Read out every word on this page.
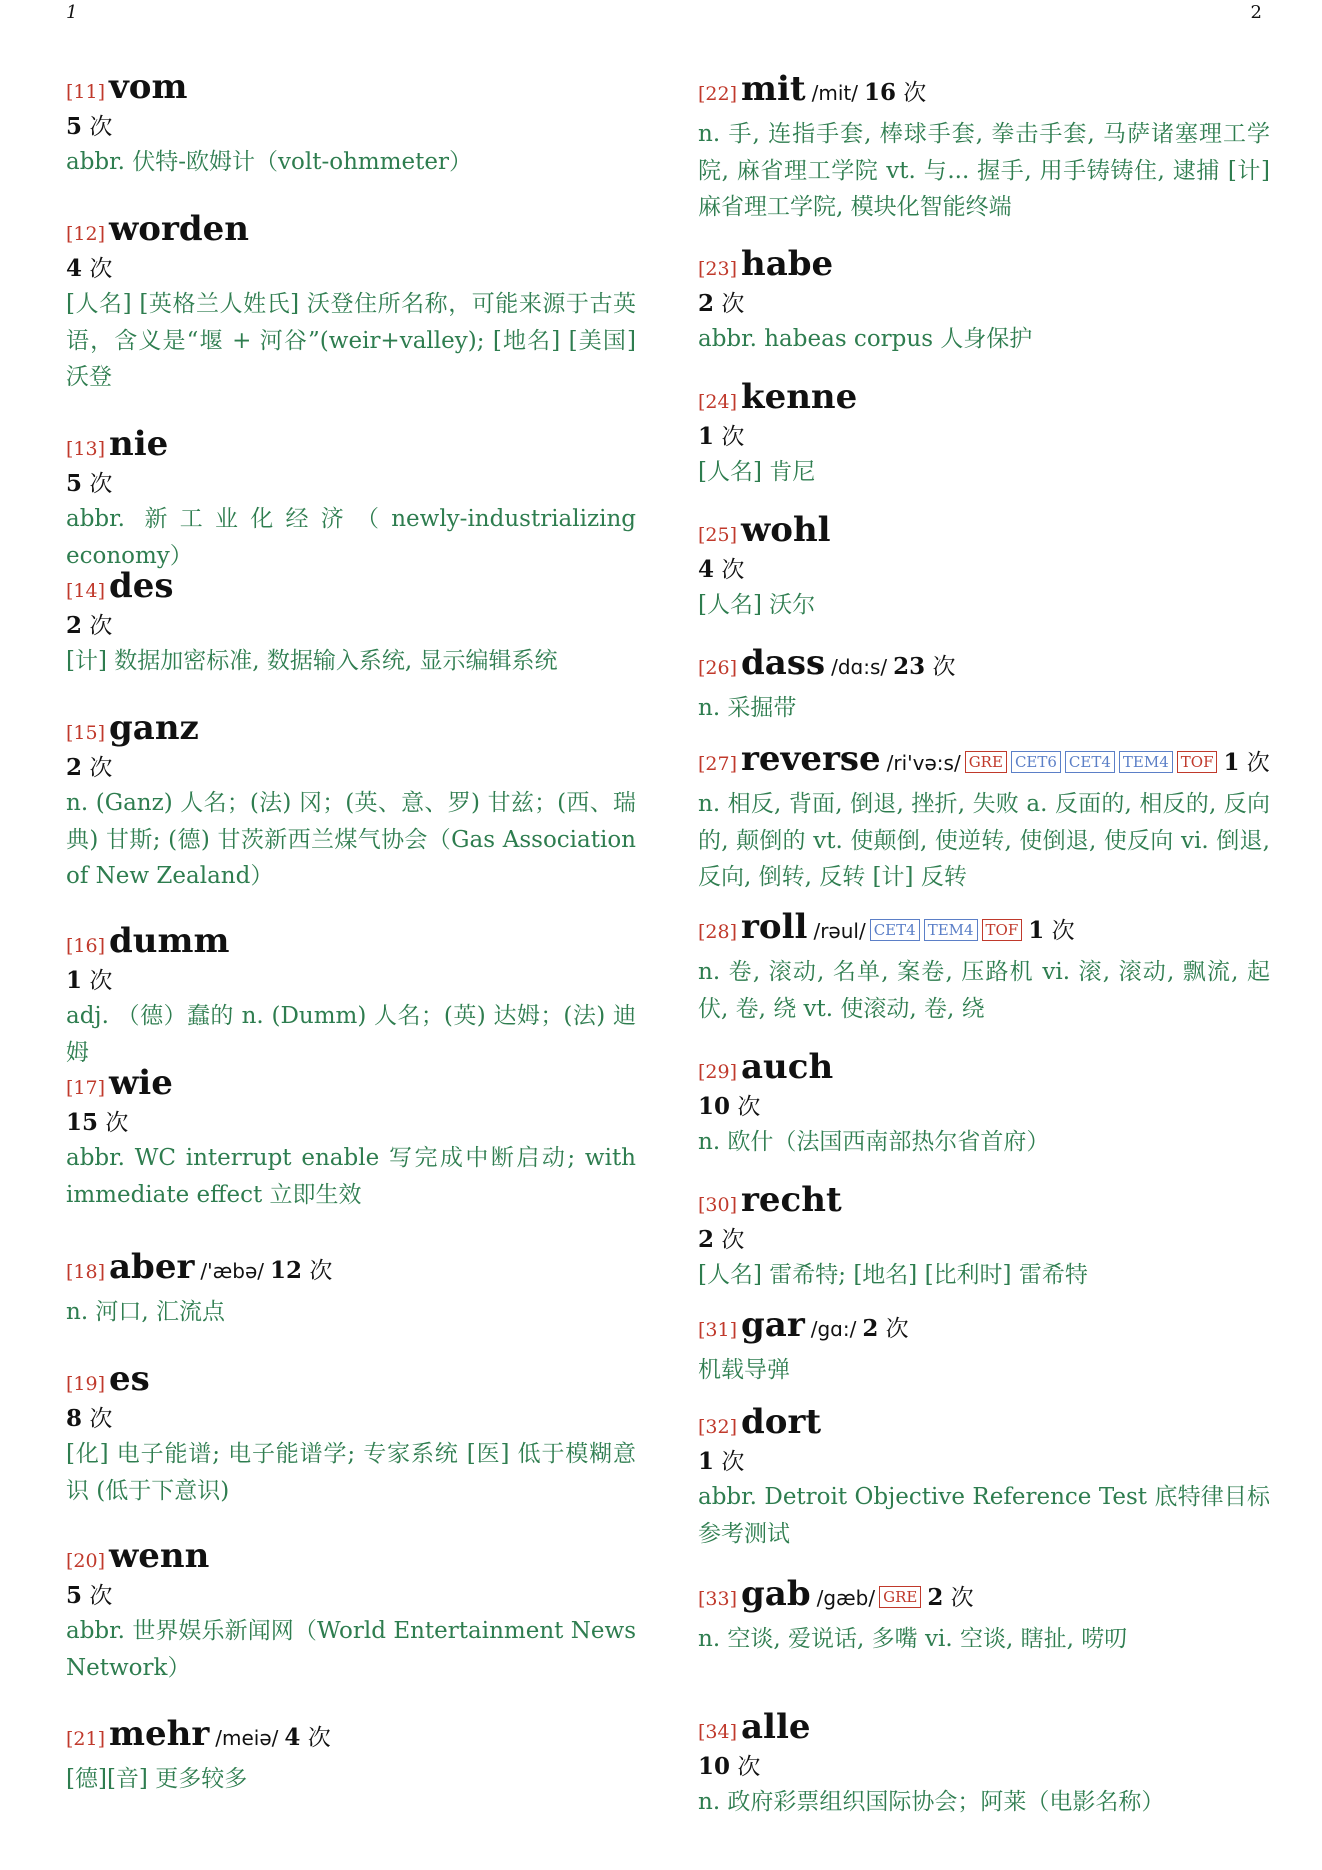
1	2
[11] vom
5 次
abbr. 伏特-欧姆计（volt-ohmmeter）
[12] worden
4 次
[人名] [英格兰人姓氏] 沃登住所名称，可能来源于古英语，含义是“堰 + 河谷”(weir+valley); [地名] [美国] 沃登
[13] nie
5 次
abbr. 新工业化经济（newly-industrializing economy）
[14] des
2 次
[计] 数据加密标准, 数据输入系统, 显示编辑系统
[15] ganz
2 次
n. (Ganz) 人名；(法) 冈；(英、意、罗) 甘兹；(西、瑞典) 甘斯; (德) 甘茨新西兰煤气协会（Gas Association of New Zealand）
[16] dumm
1 次
adj. （德）蠢的 n. (Dumm) 人名；(英) 达姆；(法) 迪姆
[17] wie
15 次
abbr. WC interrupt enable 写完成中断启动; with immediate effect 立即生效
[18] aber /'æbə/ 12 次
n. 河口, 汇流点
[19] es
8 次
[化] 电子能谱; 电子能谱学; 专家系统 [医] 低于模糊意识 (低于下意识)
[20] wenn
5 次
abbr. 世界娱乐新闻网（World Entertainment News Network）
[21] mehr /meiə/ 4 次
[德][音] 更多较多
[22] mit /mit/ 16 次
n. 手, 连指手套, 棒球手套, 拳击手套, 马萨诸塞理工学院, 麻省理工学院 vt. 与... 握手, 用手铸铸住, 逮捕 [计] 麻省理工学院, 模块化智能终端
[23] habe
2 次
abbr. habeas corpus 人身保护
[24] kenne
1 次
[人名] 肯尼
[25] wohl
4 次
[人名] 沃尔
[26] dass /dɑ:s/ 23 次
n. 采掘带
[27] reverse /ri'və:s/ GRE CET6 CET4 TEM4 TOF 1 次
n. 相反, 背面, 倒退, 挫折, 失败 a. 反面的, 相反的, 反向的, 颠倒的 vt. 使颠倒, 使逆转, 使倒退, 使反向 vi. 倒退, 反向, 倒转, 反转 [计] 反转
[28] roll /rəul/ CET4 TEM4 TOF 1 次
n. 卷, 滚动, 名单, 案卷, 压路机 vi. 滚, 滚动, 飘流, 起伏, 卷, 绕 vt. 使滚动, 卷, 绕
[29] auch
10 次
n. 欧什（法国西南部热尔省首府）
[30] recht
2 次
[人名] 雷希特; [地名] [比利时] 雷希特
[31] gar /gɑ:/ 2 次
机载导弹
[32] dort
1 次
abbr. Detroit Objective Reference Test 底特律目标参考测试
[33] gab /gæb/ GRE 2 次
n. 空谈, 爱说话, 多嘴 vi. 空谈, 瞎扯, 唠叨
[34] alle
10 次
n. 政府彩票组织国际协会；阿莱（电影名称）
